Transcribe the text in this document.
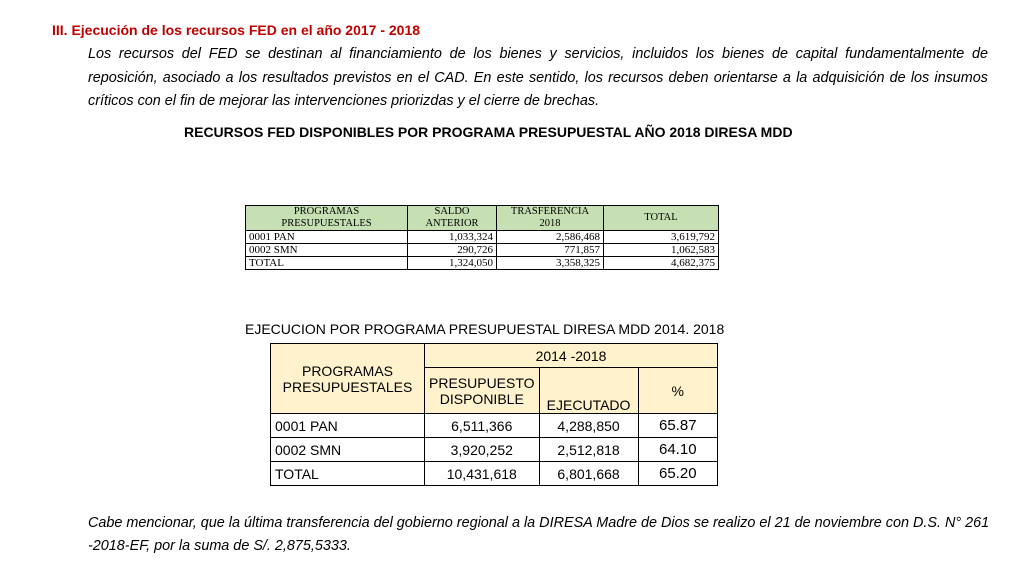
III. Ejecución de los recursos FED en el año 2017 - 2018
Los recursos del FED se destinan al financiamiento de los bienes y servicios, incluidos los bienes de capital fundamentalmente de reposición, asociado a los resultados previstos en el CAD. En este sentido, los recursos deben orientarse a la adquisición de los insumos críticos con el fin de mejorar las intervenciones priorizdas y el cierre de brechas.
RECURSOS FED DISPONIBLES POR PROGRAMA PRESUPUESTAL AÑO 2018 DIRESA MDD
PROGRAMAS PRESUPUESTALES	SALDO ANTERIOR	TRASFERENCIA 2018	TOTAL
0001 PAN	1,033,324	2,586,468	3,619,792
0002 SMN	290,726	771,857	1,062,583
TOTAL	1,324,050	3,358,325	4,682,375
EJECUCION POR PROGRAMA PRESUPUESTAL DIRESA MDD 2014. 2018
PROGRAMAS PRESUPUESTALES	2014 -2018		
	PRESUPUESTO DISPONIBLE	EJECUTADO	%
0001 PAN	6,511,366	4,288,850	65.87
0002 SMN	3,920,252	2,512,818	64.10
TOTAL	10,431,618	6,801,668	65.20
Cabe mencionar, que la última transferencia del gobierno regional a la DIRESA Madre de Dios se realizo el 21 de noviembre con D.S. N° 261 -2018-EF, por la suma de S/. 2,875,5333.
